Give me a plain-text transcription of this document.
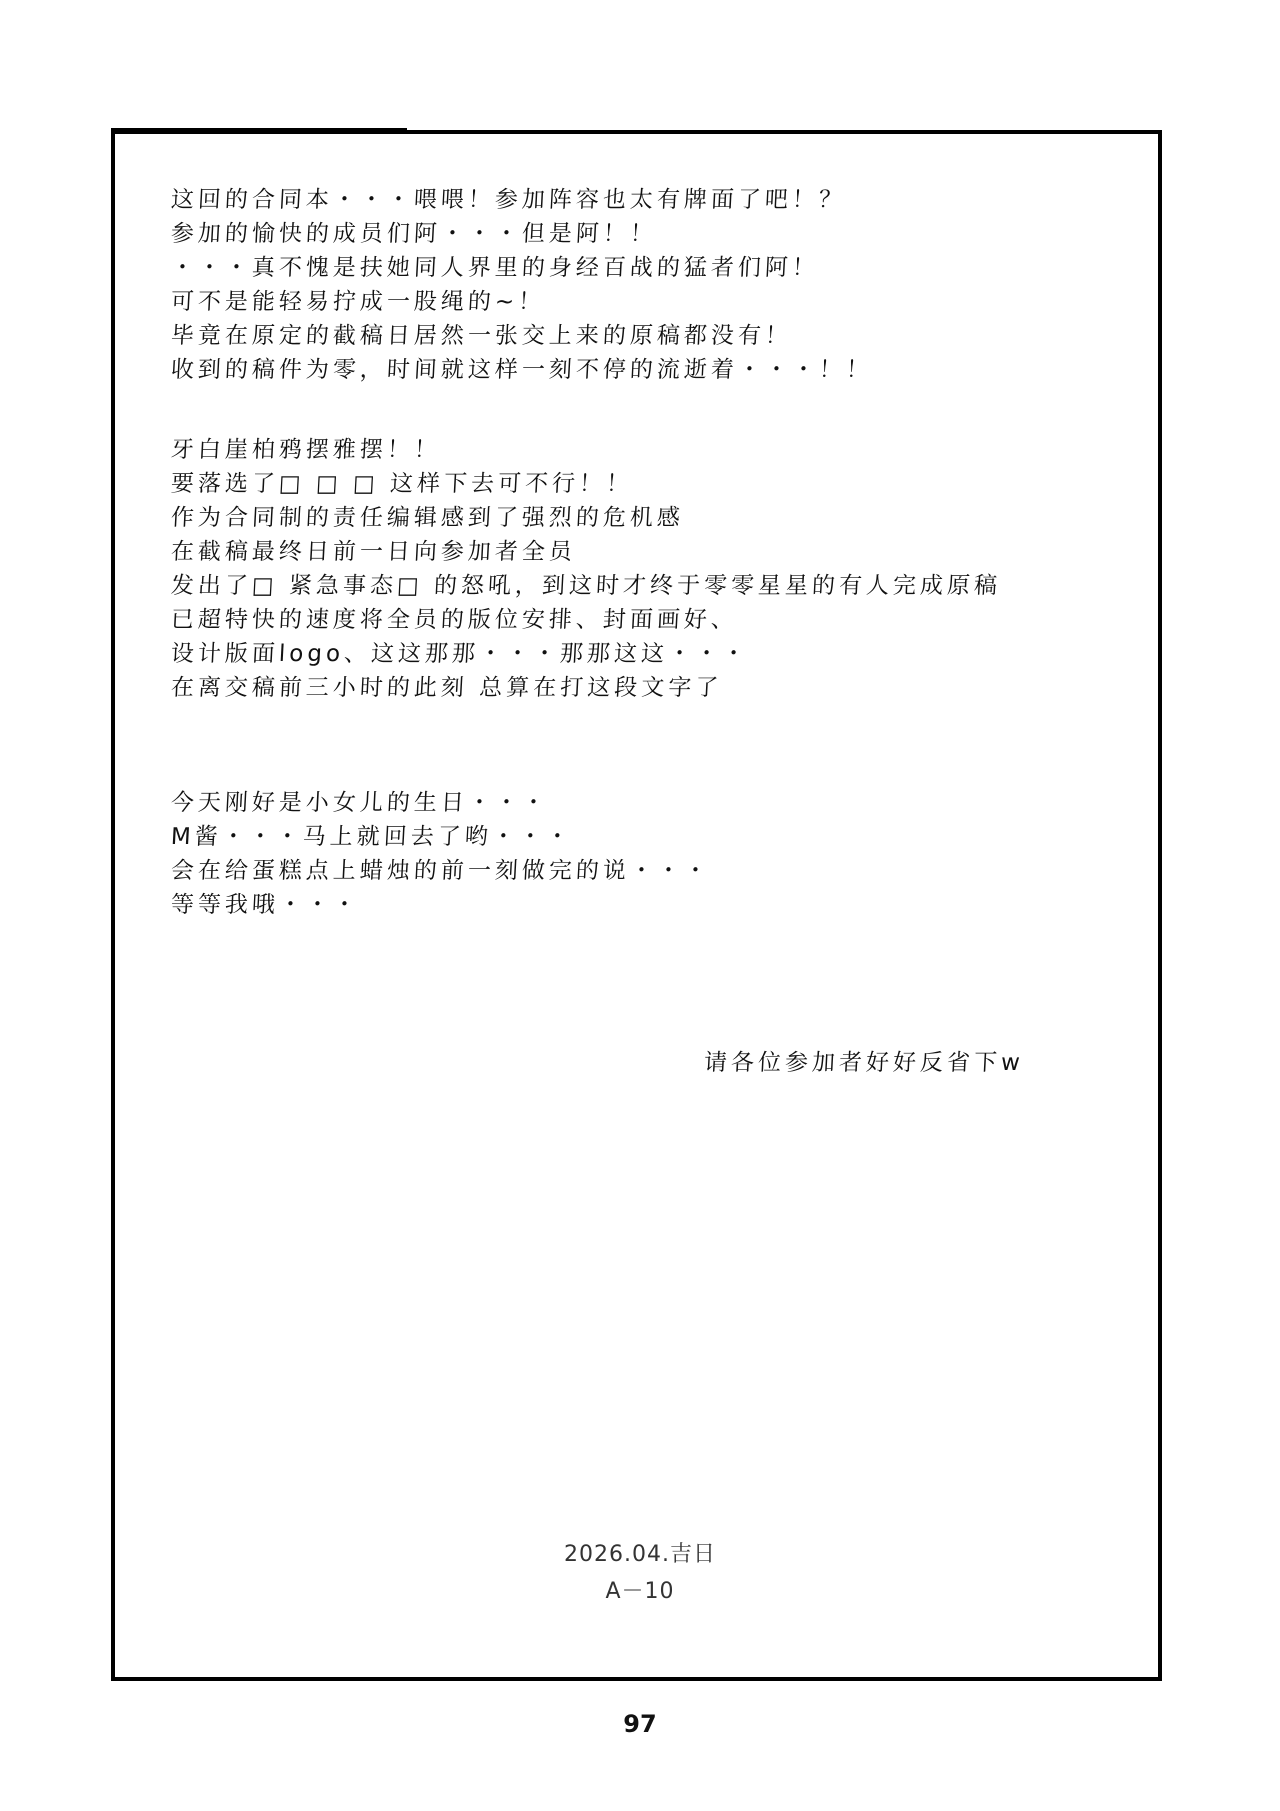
这回的合同本・・・喂喂！参加阵容也太有牌面了吧！？
参加的愉快的成员们阿・・・但是阿！！
・・・真不愧是扶她同人界里的身经百战的猛者们阿！
可不是能轻易拧成一股绳的~！
毕竟在原定的截稿日居然一张交上来的原稿都没有！
收到的稿件为零，时间就这样一刻不停的流逝着・・・！！
牙白崖柏鸦摆雅摆！！
要落选了□ □ □ 这样下去可不行！！
作为合同制的责任编辑感到了强烈的危机感
在截稿最终日前一日向参加者全员
发出了□ 紧急事态□ 的怒吼，到这时才终于零零星星的有人完成原稿
已超特快的速度将全员的版位安排、封面画好、
设计版面logo、这这那那・・・那那这这・・・
在离交稿前三小时的此刻 总算在打这段文字了
今天刚好是小女儿的生日・・・
M酱・・・马上就回去了哟・・・
会在给蛋糕点上蜡烛的前一刻做完的说・・・
等等我哦・・・
请各位参加者好好反省下w
2026.04.吉日
A－10
97
